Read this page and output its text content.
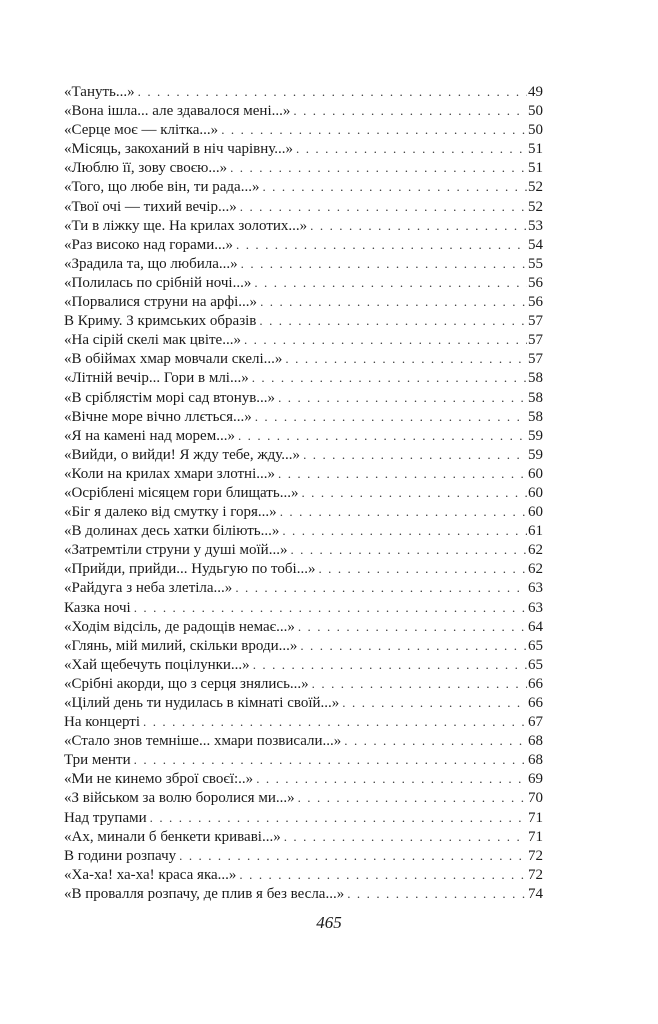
«Тануть...» . . .	49
«Вона ішла... але здавалося мені...» . . .	50
«Серце моє — клітка...» . . .	50
«Місяць, закоханий в ніч чарівну...» . . .	51
«Люблю її, зову своєю...» . . .	51
«Того, що любе він, ти рада...» . . .	52
«Твої очі — тихий вечір...» . . .	52
«Ти в ліжку ще. На крилах золотих...» . . .	53
«Раз високо над горами...» . . .	54
«Зрадила та, що любила...» . . .	55
«Полилась по срібній ночі...» . . .	56
«Порвалися струни на арфі...» . . .	56
В Криму. З кримських образів . . .	57
«На сірій скелі мак цвіте...» . . .	57
«В обіймах хмар мовчали скелі...» . . .	57
«Літній вечір... Гори в млі...» . . .	58
«В сріблястім морі сад втонув...» . . .	58
«Вічне море вічно ллється...» . . .	58
«Я на камені над морем...» . . .	59
«Вийди, о вийди! Я жду тебе, жду...» . . .	59
«Коли на крилах хмари злотні...» . . .	60
«Осріблені місяцем гори блищать...» . . .	60
«Біг я далеко від смутку і горя...» . . .	60
«В долинах десь хатки біліють...» . . .	61
«Затремтіли струни у душі моїй...» . . .	62
«Прийди, прийди... Нудьгую по тобі...» . . .	62
«Райдуга з неба злетіла...» . . .	63
Казка ночі . . .	63
«Ходім відсіль, де радощів немає...» . . .	64
«Глянь, мій милий, скільки вроди...» . . .	65
«Хай щебечуть поцілунки...» . . .	65
«Срібні акорди, що з серця знялись...» . . .	66
«Цілий день ти нудилась в кімнаті своїй...» . . .	66
На концерті . . .	67
«Стало знов темніше... хмари позвисали...» . . .	68
Три менти . . .	68
«Ми не кинемо зброї своєї:..» . . .	69
«З військом за волю боролися ми...» . . .	70
Над трупами . . .	71
«Ах, минали б бенкети криваві...» . . .	71
В години розпачу . . .	72
«Ха-ха! ха-ха! краса яка...» . . .	72
«В провалля розпачу, де плив я без весла...» . . .	74
465
